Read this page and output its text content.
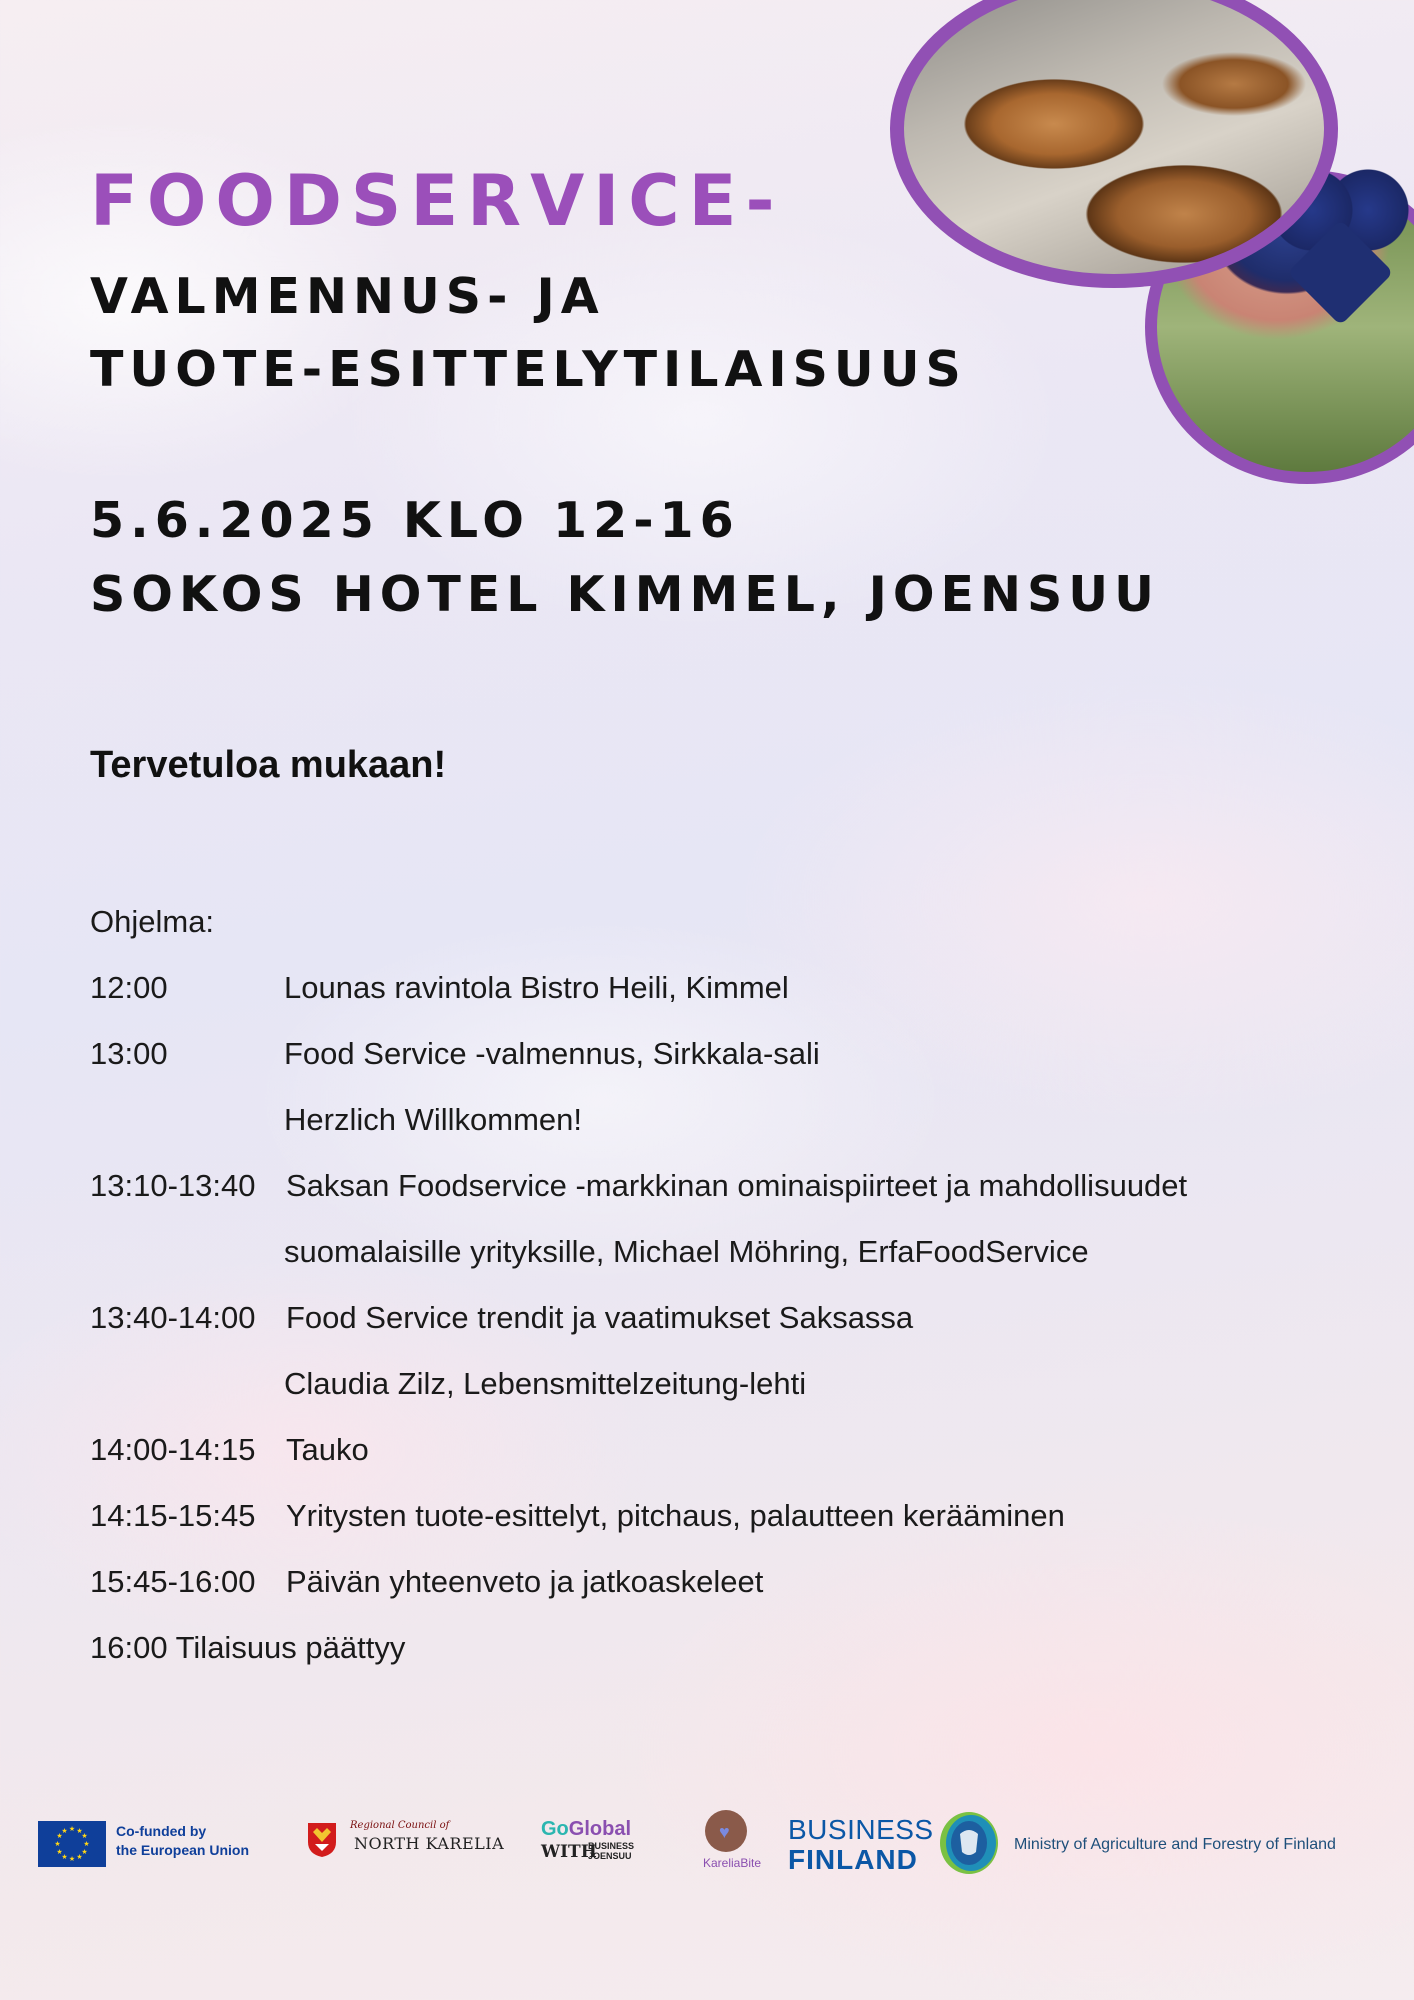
FOODSERVICE-
VALMENNUS- JA
TUOTE-ESITTELYTILAISUUS
5.6.2025 KLO 12-16
SOKOS HOTEL KIMMEL, JOENSUU

Tervetuloa mukaan!

Ohjelma:
12:00	Lounas ravintola Bistro Heili, Kimmel
13:00	Food Service -valmennus, Sirkkala-sali
Herzlich Willkommen!
13:10-13:40 Saksan Foodservice -markkinan ominaispiirteet ja mahdollisuudet
suomalaisille yrityksille, Michael Möhring, ErfaFoodService
13:40-14:00 Food Service trendit ja vaatimukset Saksassa
Claudia Zilz, Lebensmittelzeitung-lehti
14:00-14:15 Tauko
14:15-15:45 Yritysten tuote-esittelyt, pitchaus, palautteen kerääminen
15:45-16:00 Päivän yhteenveto ja jatkoaskeleet
16:00 Tilaisuus päättyy
★ ★
★
★
★
★
★
★
★
★
★
★	Co-funded by
the European Union
Regional Council of
NORTH KARELIA
GoGlobal
WITH
BUSINESS
JOENSUU
♥
KareliaBite
BUSINESS
FINLAND	Ministry of Agriculture and Forestry of Finland
